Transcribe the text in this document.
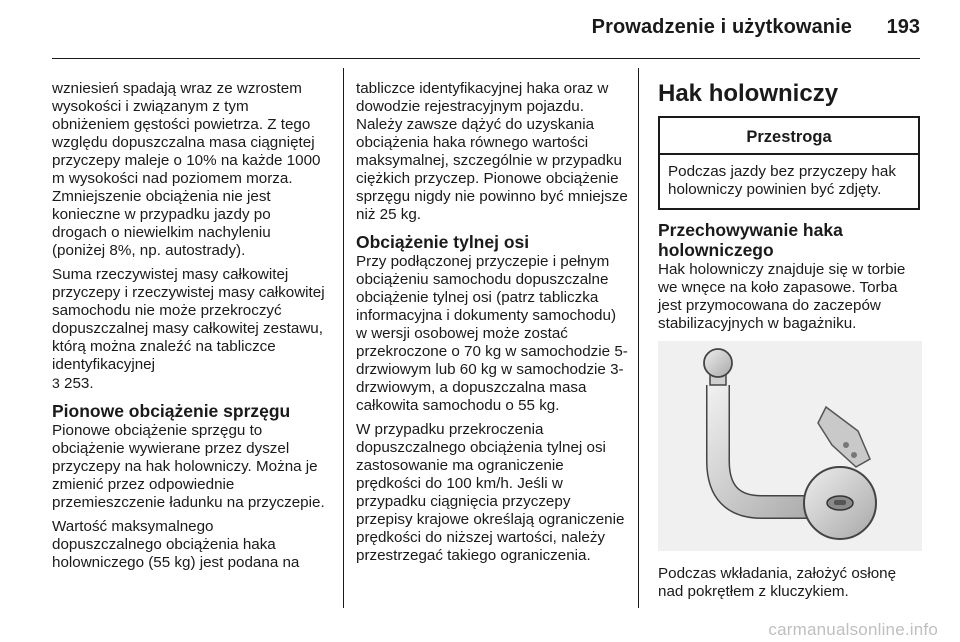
Prowadzenie i użytkowanie 193

wzniesień spadają wraz ze wzrostem wysokości i związanym z tym obniżeniem gęstości powietrza. Z tego względu dopuszczalna masa ciągniętej przyczepy maleje o 10% na każde 1000 m wysokości nad poziomem morza. Zmniejszenie obciążenia nie jest konieczne w przypadku jazdy po drogach o niewielkim nachyleniu (poniżej 8%, np. autostrady).

Suma rzeczywistej masy całkowitej przyczepy i rzeczywistej masy całkowitej samochodu nie może przekroczyć dopuszczalnej masy całkowitej zestawu, którą można znaleźć na tabliczce identyfikacyjnej
3 253.

Pionowe obciążenie sprzęgu

Pionowe obciążenie sprzęgu to obciążenie wywierane przez dyszel przyczepy na hak holowniczy. Można je zmienić przez odpowiednie przemieszczenie ładunku na przyczepie.

Wartość maksymalnego dopuszczalnego obciążenia haka holowniczego (55 kg) jest podana na

tabliczce identyfikacyjnej haka oraz w dowodzie rejestracyjnym pojazdu. Należy zawsze dążyć do uzyskania obciążenia haka równego wartości maksymalnej, szczególnie w przypadku ciężkich przyczep. Pionowe obciążenie sprzęgu nigdy nie powinno być mniejsze niż 25 kg.

Obciążenie tylnej osi

Przy podłączonej przyczepie i pełnym obciążeniu samochodu dopuszczalne obciążenie tylnej osi (patrz tabliczka informacyjna i dokumenty samochodu) w wersji osobowej może zostać przekroczone o 70 kg w samochodzie 5-drzwiowym lub 60 kg w samochodzie 3-drzwiowym, a dopuszczalna masa całkowita samochodu o 55 kg.

W przypadku przekroczenia dopuszczalnego obciążenia tylnej osi zastosowanie ma ograniczenie prędkości do 100 km/h. Jeśli w przypadku ciągnięcia przyczepy przepisy krajowe określają ograniczenie prędkości do niższej wartości, należy przestrzegać takiego ograniczenia.

Hak holowniczy
Przestroga
Podczas jazdy bez przyczepy hak holowniczy powinien być zdjęty.
Przechowywanie haka holowniczego

Hak holowniczy znajduje się w torbie we wnęce na koło zapasowe. Torba jest przymocowana do zaczepów stabilizacyjnych w bagażniku.

Podczas wkładania, założyć osłonę nad pokrętłem z kluczykiem.

carmanualsonline.info
